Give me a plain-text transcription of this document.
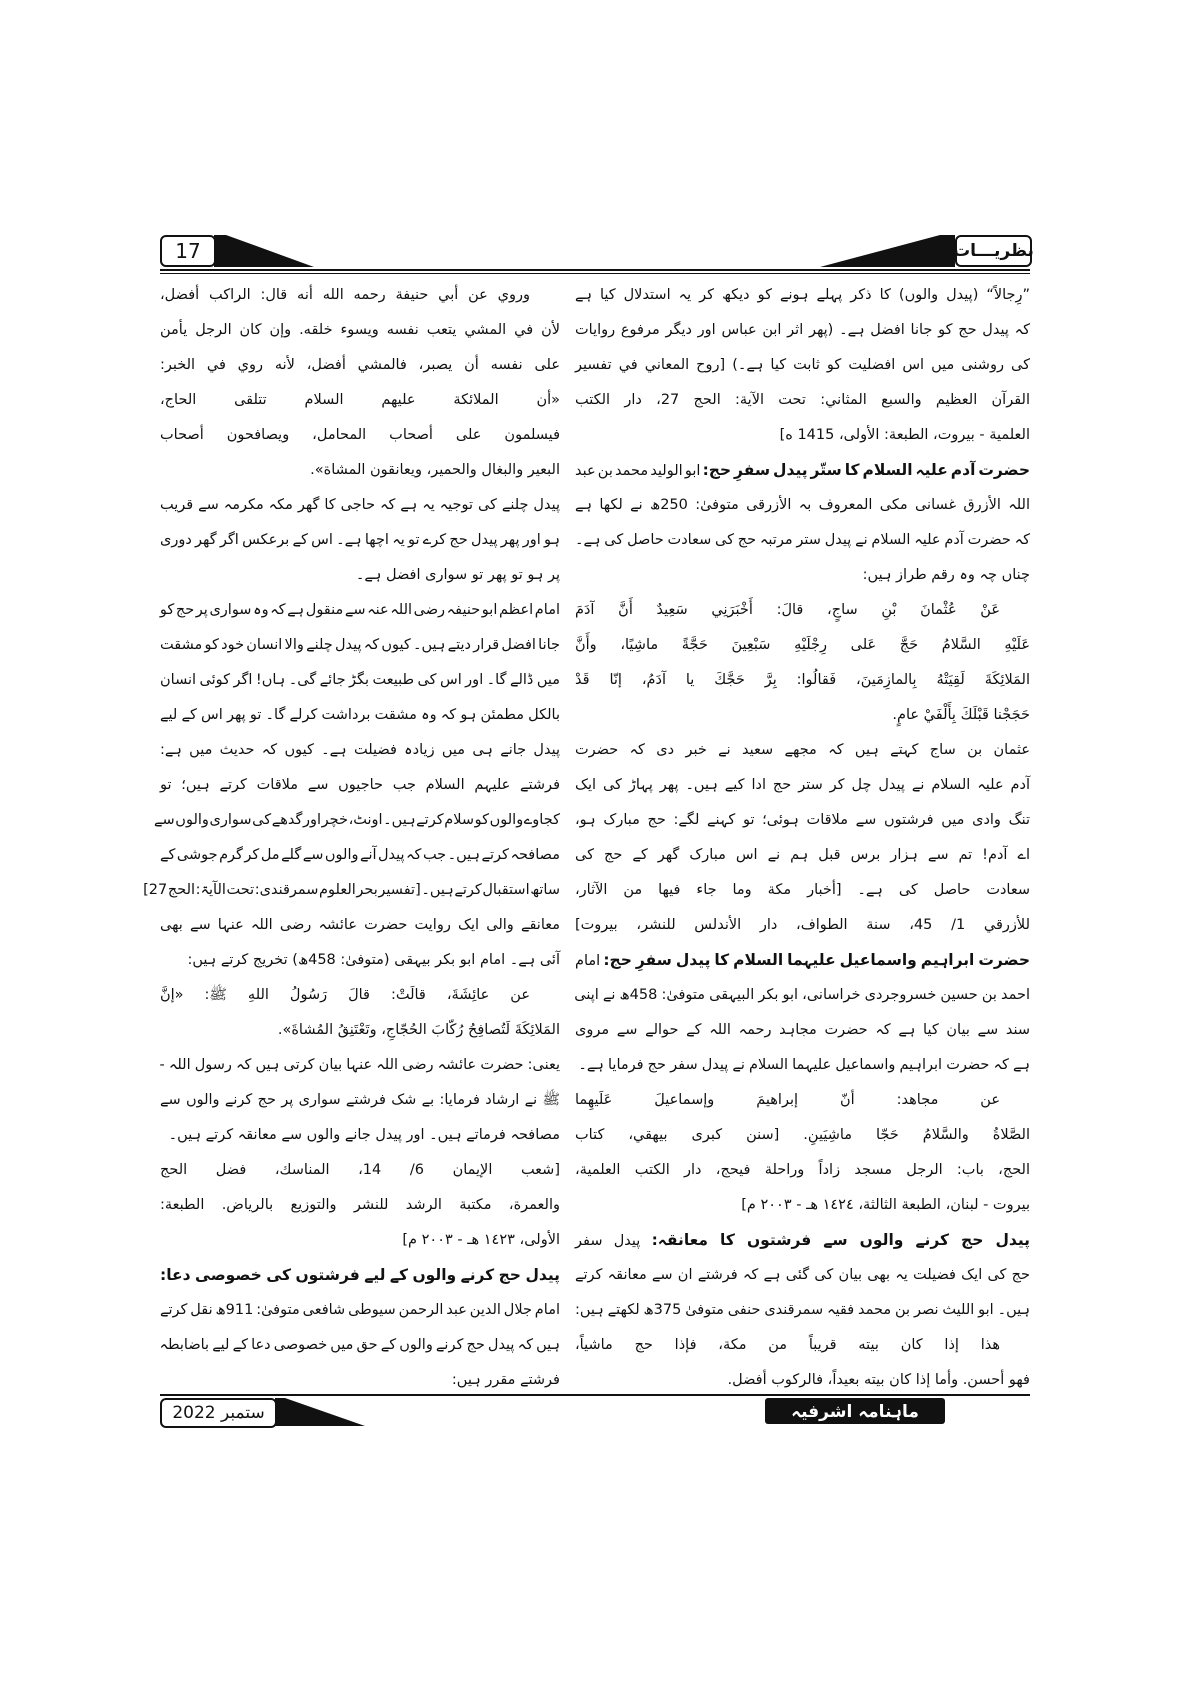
17	نظریـــات
”رِجالاً“ (پیدل والوں) کا ذکر پہلے ہونے کو دیکھ کر یہ استدلال کیا ہے
کہ پیدل حج کو جانا افضل ہے۔ (پھر اثر ابن عباس اور دیگر مرفوع روایات
کی روشنی میں اس افضلیت کو ثابت کیا ہے۔) [روح المعاني في تفسير
القرآن العظيم والسبع المثاني: تحت الآية: الحج 27، دار الكتب
العلمية - بيروت، الطبعة: الأولى، 1415 ه]
حضرت آدم علیہ السلام کا ستّر پیدل سفرِ حج: ابو الولید محمد بن عبد
اللہ الأزرق غسانی مکی المعروف بہ الأزرقی متوفیٰ: 250ھ نے لکھا ہے
کہ حضرت آدم علیہ السلام نے پیدل ستر مرتبہ حج کی سعادت حاصل کی ہے۔
چناں چہ وہ رقم طراز ہیں:
عَنْ عُثْمانَ بْنِ ساجٍ، قالَ: أَخْبَرَنِي سَعِيدٌ أَنَّ آدَمَ
عَلَيْهِ السَّلامُ حَجَّ عَلى رِجْلَيْهِ سَبْعِينَ حَجَّةً ماشِيًا، وأَنَّ
المَلائِكَةَ لَقِيَتْهُ بِالمازِمَينَ، فَقالُوا: بِرَّ حَجَّكَ يا آدَمُ، إنّا قَدْ
حَجَجْنا قَبْلَكَ بِأَلْفَيْ عامٍ.
عثمان بن ساج کہتے ہیں کہ مجھے سعید نے خبر دی کہ حضرت
آدم علیہ السلام نے پیدل چل کر ستر حج ادا کیے ہیں۔ پھر پہاڑ کی ایک
تنگ وادی میں فرشتوں سے ملاقات ہوئی؛ تو کہنے لگے: حج مبارک ہو،
اے آدم! تم سے ہزار برس قبل ہم نے اس مبارک گھر کے حج کی
سعادت حاصل کی ہے۔ [أخبار مكة وما جاء فيها من الآثار،
للأزرقي 1/ 45، سنة الطواف، دار الأندلس للنشر، بيروت]
حضرت ابراہیم واسماعیل علیہما السلام کا پیدل سفرِ حج: امام
احمد بن حسین خسروجردی خراسانی، ابو بکر البیہقی متوفیٰ: 458ھ نے اپنی
سند سے بیان کیا ہے کہ حضرت مجاہد رحمہ اللہ کے حوالے سے مروی
ہے کہ حضرت ابراہیم واسماعیل علیہما السلام نے پیدل سفر حج فرمایا ہے۔
عن مجاهد: أنّ إبراهيمَ وإسماعيلَ عَلَيهِما
الصَّلاةُ والسَّلامُ حَجّا ماشِيَينِ. [سنن كبرى بيهقي، كتاب
الحج، باب: الرجل مسجد زاداً وراحلة فيحج، دار الكتب العلمية،
بيروت - لبنان، الطبعة الثالثة، ١٤٢٤ هـ - ٢٠٠٣ م]
پیدل حج کرنے والوں سے فرشتوں کا معانقہ: پیدل سفر
حج کی ایک فضیلت یہ بھی بیان کی گئی ہے کہ فرشتے ان سے معانقہ کرتے
ہیں۔ ابو اللیث نصر بن محمد فقیہ سمرقندی حنفی متوفیٰ 375ھ لکھتے ہیں:
هذا إذا كان بيته قريباً من مكة، فإذا حج ماشياً،
فهو أحسن. وأما إذا كان بيته بعيداً، فالركوب أفضل.
وروي عن أبي حنيفة رحمه الله أنه قال: الراكب أفضل،
لأن في المشي يتعب نفسه ويسوء خلقه. وإن كان الرجل يأمن
على نفسه أن يصبر، فالمشي أفضل، لأنه روي في الخبر:
«أن الملائكة عليهم السلام تتلقى الحاج،
فيسلمون على أصحاب المحامل، ويصافحون أصحاب
البعير والبغال والحمير، ويعانقون المشاة».
پیدل چلنے کی توجیہ یہ ہے کہ حاجی کا گھر مکہ مکرمہ سے قریب
ہو اور پھر پیدل حج کرے تو یہ اچھا ہے۔ اس کے برعکس اگر گھر دوری
پر ہو تو پھر تو سواری افضل ہے۔
امام اعظم ابو حنیفہ رضی اللہ عنہ سے منقول ہے کہ وہ سواری پر حج کو
جانا افضل قرار دیتے ہیں۔ کیوں کہ پیدل چلنے والا انسان خود کو مشقت
میں ڈالے گا۔ اور اس کی طبیعت بگڑ جائے گی۔ ہاں! اگر کوئی انسان
بالکل مطمئن ہو کہ وہ مشقت برداشت کرلے گا۔ تو پھر اس کے لیے
پیدل جانے ہی میں زیادہ فضیلت ہے۔ کیوں کہ حدیث میں ہے:
فرشتے علیہم السلام جب حاجیوں سے ملاقات کرتے ہیں؛ تو
کجاوے والوں کو سلام کرتے ہیں۔ اونٹ، خچر اور گدھے کی سواری والوں سے
مصافحہ کرتے ہیں۔ جب کہ پیدل آنے والوں سے گلے مل کر گرم جوشی کے
ساتھ استقبال کرتے ہیں۔ [تفسیر بحر العلوم سمرقندی: تحت الآیۃ: الحج 27]
معانقے والی ایک روایت حضرت عائشہ رضی اللہ عنہا سے بھی
آئی ہے۔ امام ابو بکر بیہقی (متوفیٰ: 458ھ) تخریج کرتے ہیں:
عن عائِشَةَ، قالَتْ: قالَ رَسُولُ اللهِ ﷺ: «إنَّ
المَلائِكَةَ لَتُصافِحُ رُكّابَ الحُجّاجِ، وتَعْتَنِقُ المُشاةَ».
یعنی: حضرت عائشہ رضی اللہ عنہا بیان کرتی ہیں کہ رسول اللہ -
ﷺ نے ارشاد فرمایا: بے شک فرشتے سواری پر حج کرنے والوں سے
مصافحہ فرماتے ہیں۔ اور پیدل جانے والوں سے معانقہ کرتے ہیں۔
[شعب الإيمان 6/ 14، المناسك، فضل الحج
والعمرة، مكتبة الرشد للنشر والتوزيع بالرياض. الطبعة:
الأولى، ١٤٢٣ هـ - ٢٠٠٣ م]
پیدل حج کرنے والوں کے لیے فرشتوں کی خصوصی دعا:
امام جلال الدین عبد الرحمن سیوطی شافعی متوفیٰ: 911ھ نقل کرتے
ہیں کہ پیدل حج کرنے والوں کے حق میں خصوصی دعا کے لیے باضابطہ
فرشتے مقرر ہیں:
ستمبر 2022	ماہنامہ اشرفیہ
